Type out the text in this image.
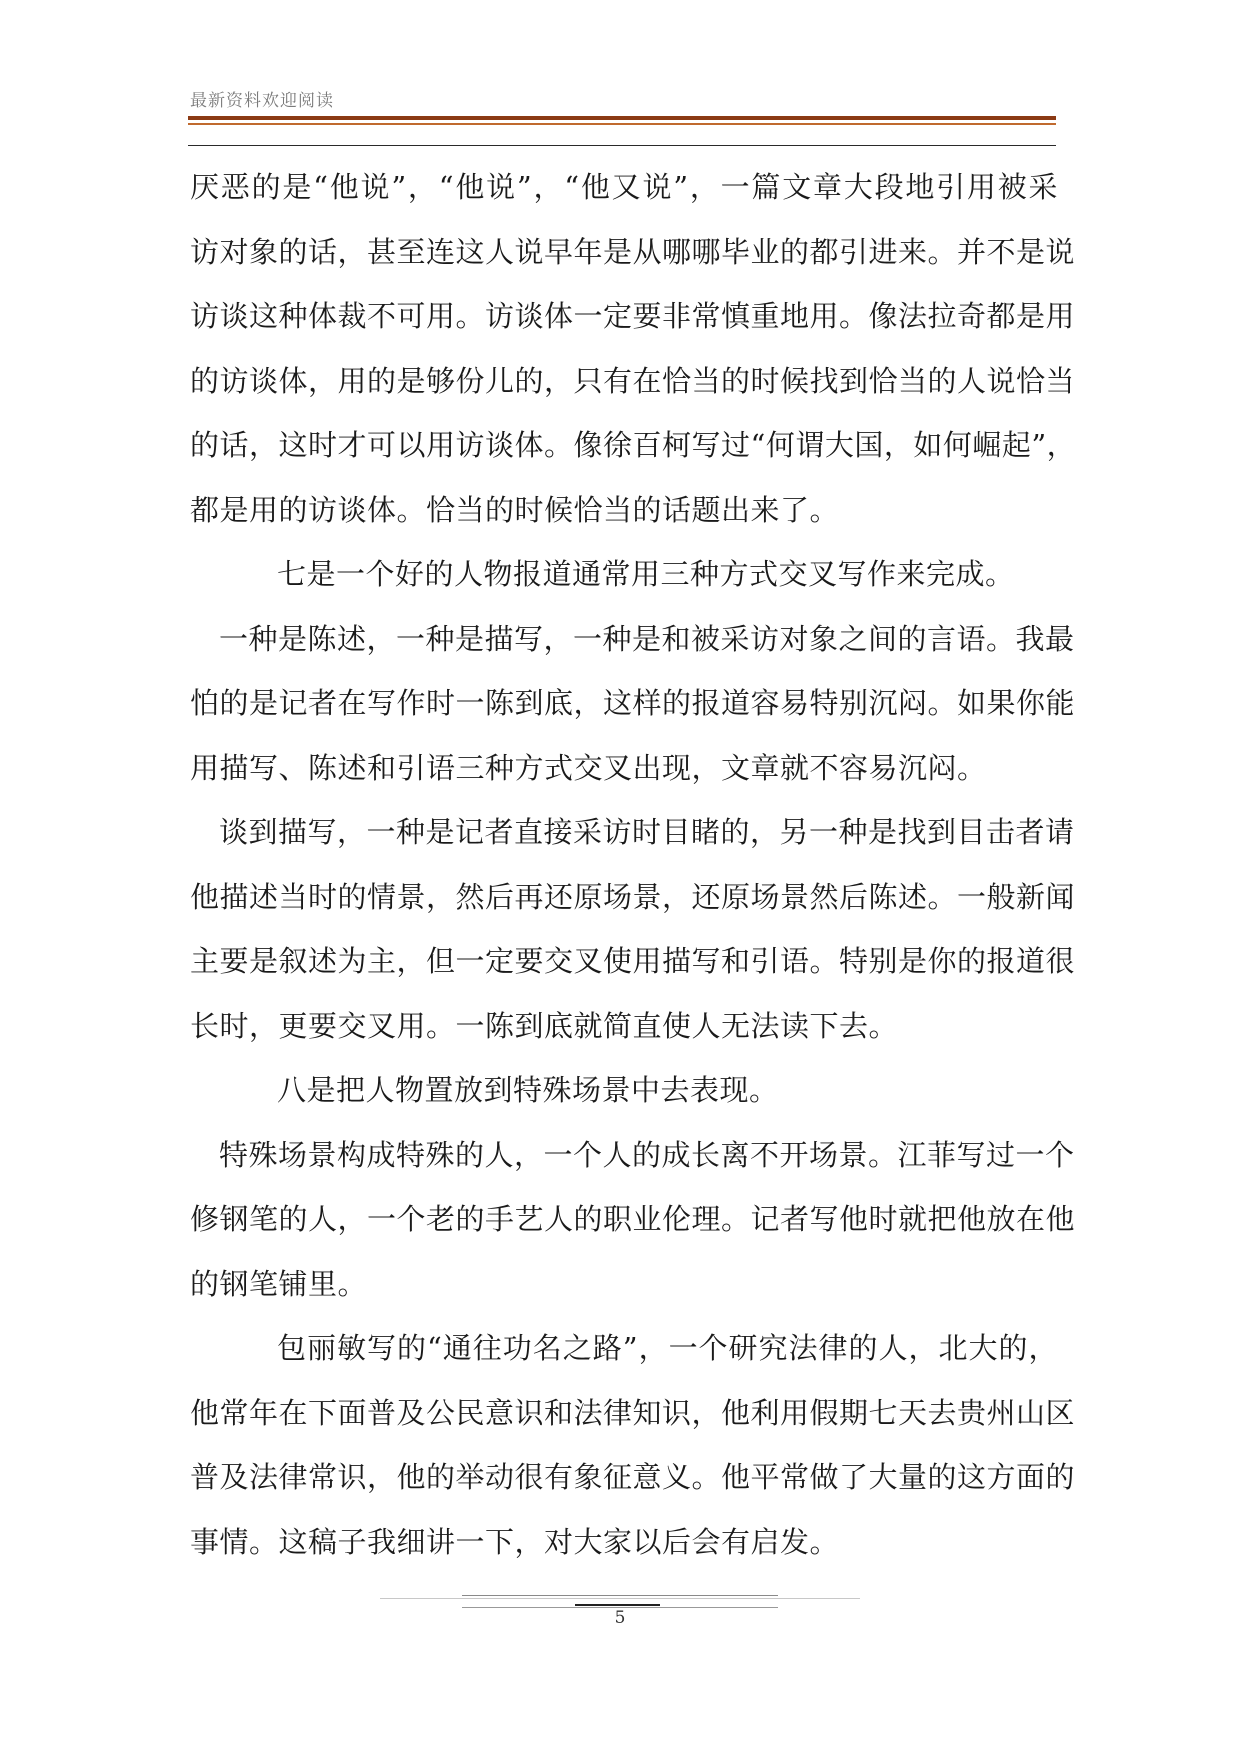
最新资料欢迎阅读
厌恶的是“他说”，“他说”，“他又说”，一篇文章大段地引用被采
访对象的话，甚至连这人说早年是从哪哪毕业的都引进来。并不是说
访谈这种体裁不可用。访谈体一定要非常慎重地用。像法拉奇都是用
的访谈体，用的是够份儿的，只有在恰当的时候找到恰当的人说恰当
的话，这时才可以用访谈体。像徐百柯写过“何谓大国，如何崛起”，
都是用的访谈体。恰当的时候恰当的话题出来了。
七是一个好的人物报道通常用三种方式交叉写作来完成。
一种是陈述，一种是描写，一种是和被采访对象之间的言语。我最
怕的是记者在写作时一陈到底，这样的报道容易特别沉闷。如果你能
用描写、陈述和引语三种方式交叉出现，文章就不容易沉闷。
谈到描写，一种是记者直接采访时目睹的，另一种是找到目击者请
他描述当时的情景，然后再还原场景，还原场景然后陈述。一般新闻
主要是叙述为主，但一定要交叉使用描写和引语。特别是你的报道很
长时，更要交叉用。一陈到底就简直使人无法读下去。
八是把人物置放到特殊场景中去表现。
特殊场景构成特殊的人，一个人的成长离不开场景。江菲写过一个
修钢笔的人，一个老的手艺人的职业伦理。记者写他时就把他放在他
的钢笔铺里。
包丽敏写的“通往功名之路”，一个研究法律的人，北大的，
他常年在下面普及公民意识和法律知识，他利用假期七天去贵州山区
普及法律常识，他的举动很有象征意义。他平常做了大量的这方面的
事情。这稿子我细讲一下，对大家以后会有启发。
5
